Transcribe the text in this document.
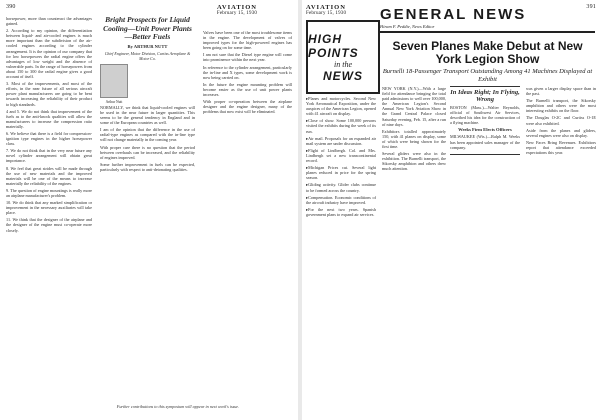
390	AVIATION
February 15, 1930

horsepower, more than counteract the advantages gained.

2. According to my opinion, the differentiation between liquid- and air-cooled engines is much more important than the subdivision of the air-cooled engines according to the cylinder arrangement. It is the opinion of our company that for low horsepowers the radial engine offers the advantages of low weight and the absence of vulnerable parts. In the range of horsepowers from about 150 to 300 the radial engine gives a good account of itself.

3. Most of the improvements, and most of the efforts, in the near future of all serious aircraft power plant manufacturers are going to be bent towards increasing the reliability of their product to high standards.

4 and 5. We do not think that improvement of the fuels as to the anti-knock qualities will allow the manufacturers to increase the compression ratio materially.

6. We believe that there is a field for compression-ignition type engines in the higher horsepower class.

7. We do not think that in the very near future any novel cylinder arrangement will obtain great importance.

8. We feel that great strides will be made through the use of new materials and the improved materials will be one of the means to increase materially the reliability of the engines.

9. The question of engine mountings is really more an airplane manufacturer's problem.

10. We do think that any marked simplification or improvement in the necessary auxiliaries will take place.

11. We think that the designer of the airplane and the designer of the engine must co-operate more closely.

Bright Prospects for Liquid Cooling—Unit Power Plants—Better Fuels

By ARTHUR NUTT

Chief Engineer, Motor Division, Curtiss Aeroplane & Motor Co.

Arthur Nutt

NORMALLY, we think that liquid-cooled engines will be used in the near future in larger quantities. This seems to be the general tendency in England and in some of the European countries as well.

I am of the opinion that the difference in the use of radial-type engines as compared with the in-line type will not change materially in the coming year.

With proper care there is no question that the period between overhauls can be increased, and the reliability of engines improved.

Some further improvement in fuels can be expected, particularly with respect to anti-detonating qualities.

Valves have been one of the most troublesome items in the engine. The development of valves of improved types for the high-powered engines has been going on for some time.

I am not sure that the Diesel type engine will come into prominence within the next year.

In reference to the cylinder arrangement, particularly the in-line and X types, some development work is now being carried on.

In the future the engine mounting problem will become easier as the use of unit power plants increases.

With proper co-operation between the airplane designer and the engine designer, many of the problems that now exist will be eliminated.

Further contributions to this symposium will appear in next week's issue.
AVIATION
February 15, 1930
391

GENERAL NEWS

Hiram F. Peddie, News Editor

HIGH POINTS
in the
NEWS

▸ Planes and motorcycles. Second New York Aeronautical Exposition, under the auspices of the American Legion, opened with 41 aircraft on display.

▸ Close of show. Some 100,000 persons visited the exhibits during the week of its run.

▸ Air mail. Proposals for an expanded air mail system are under discussion.

▸ Flight of Lindbergh. Col. and Mrs. Lindbergh set a new transcontinental record.

▸ Michigan Prices cut. Several light planes reduced in price for the spring season.

▸ Gliding activity. Glider clubs continue to be formed across the country.

▸ Compensation. Economic conditions of the aircraft industry have improved.

▸ For the next two years. Spanish government plans to expand air services.

Seven Planes Make Debut at New York Legion Show

Burnelli 18-Passenger Transport Outstanding Among 41 Machines Displayed at Exhibit

NEW YORK (N.Y.)—With a large field for attendance bringing the total paid admissions to well over 100,000, the American Legion's Second Annual New York Aviation Show in the Grand Central Palace closed Saturday evening, Feb. 15, after a run of nine days.

Exhibitors totalled approximately 150, with 41 planes on display, some of which were being shown for the first time.

Several gliders were also in the exhibition. The Burnelli transport, the Sikorsky amphibion and others drew much attention.

In Ideas Right; In Flying, Wrong

BOSTON (Mass.)—Walter Reynolds, official of Southwest Air Services, described his idea for the construction of a flying machine.

Weeks Firm Elects Officers

MILWAUKEE (Wis.)—Ralph M. Weeks has been appointed sales manager of the company.

was given a larger display space than in the past.

The Burnelli transport, the Sikorsky amphibion and others were the most interesting exhibits on the floor.

The Douglas O-2C and Curtiss O-1E were also exhibited.

Aside from the planes and gliders, several engines were also on display.

New Faces Bring Revenues. Exhibitors report that attendance exceeded expectations this year.
